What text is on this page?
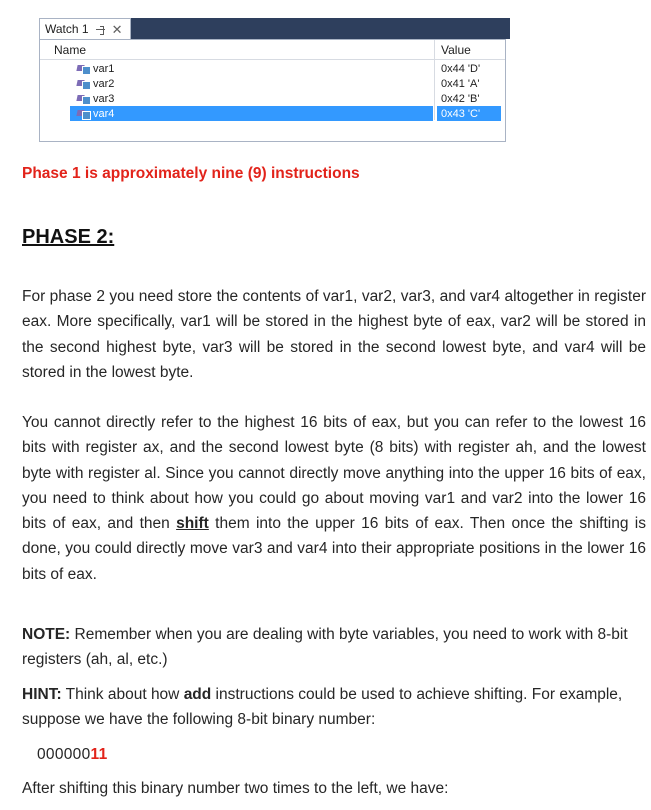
Watch 1 ✕
Name	Value
var1	0x44 'D'
var2	0x41 'A'
var3	0x42 'B'
var4	0x43 'C'
Phase 1 is approximately nine (9) instructions
PHASE 2:

For phase 2 you need store the contents of var1, var2, var3, and var4 altogether in register eax. More specifically, var1 will be stored in the highest byte of eax, var2 will be stored in the second highest byte, var3 will be stored in the second lowest byte, and var4 will be stored in the lowest byte.

You cannot directly refer to the highest 16 bits of eax, but you can refer to the lowest 16 bits with register ax, and the second lowest byte (8 bits) with register ah, and the lowest byte with register al. Since you cannot directly move anything into the upper 16 bits of eax, you need to think about how you could go about moving var1 and var2 into the lower 16 bits of eax, and then shift them into the upper 16 bits of eax. Then once the shifting is done, you could directly move var3 and var4 into their appropriate positions in the lower 16 bits of eax.

NOTE: Remember when you are dealing with byte variables, you need to work with 8-bit registers (ah, al, etc.)

HINT: Think about how add instructions could be used to achieve shifting. For example, suppose we have the following 8-bit binary number:

00000011
After shifting this binary number two times to the left, we have:
